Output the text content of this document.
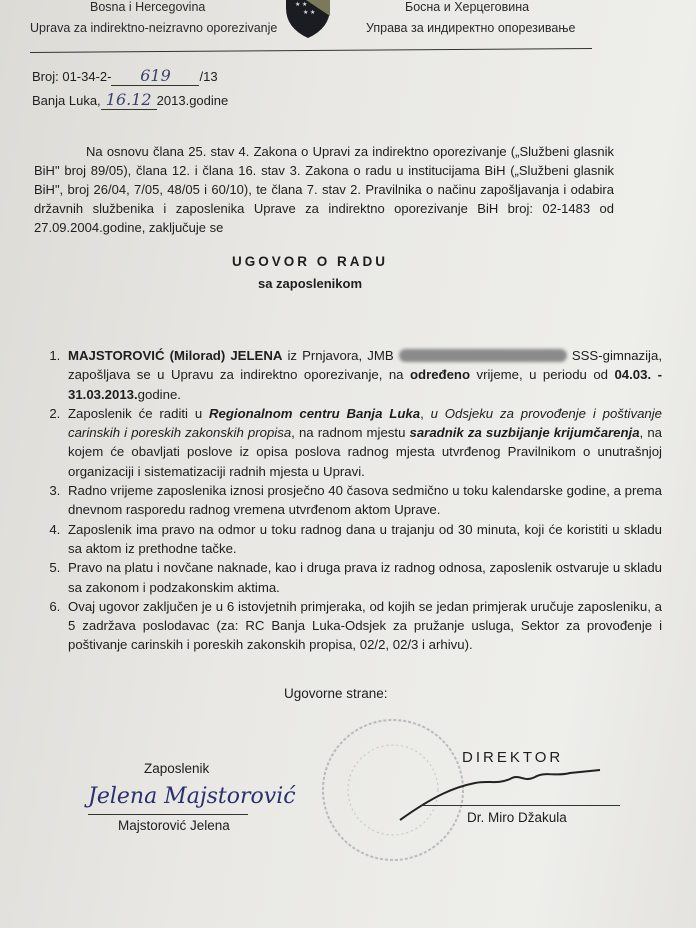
Bosna i Hercegovina
Uprava za indirektno-neizravno oporezivanje
Босна и Херцеговина
Управа за индиректно опорезивање
★ ★
★ ★
Broj: 01-34-2- 619 /13
Banja Luka, 16.12 2013.godine
Na osnovu člana 25. stav 4. Zakona o Upravi za indirektno oporezivanje („Službeni glasnik BiH" broj 89/05), člana 12. i člana 16. stav 3. Zakona o radu u institucijama BiH („Službeni glasnik BiH", broj 26/04, 7/05, 48/05 i 60/10), te člana 7. stav 2. Pravilnika o načinu zapošljavanja i odabira državnih službenika i zaposlenika Uprave za indirektno oporezivanje BiH broj: 02-1483 od 27.09.2004.godine, zaključuje se
UGOVOR O RADU
sa zaposlenikom
1. MAJSTOROVIĆ (Milorad) JELENA iz Prnjavora, JMB	SSS-gimnazija, zapošljava se u Upravu za indirektno oporezivanje, na određeno vrijeme, u periodu od 04.03. - 31.03.2013.godine.
2. Zaposlenik će raditi u Regionalnom centru Banja Luka, u Odsjeku za provođenje i poštivanje carinskih i poreskih zakonskih propisa, na radnom mjestu saradnik za suzbijanje krijumčarenja, na kojem će obavljati poslove iz opisa poslova radnog mjesta utvrđenog Pravilnikom o unutrašnjoj organizaciji i sistematizaciji radnih mjesta u Upravi.
3. Radno vrijeme zaposlenika iznosi prosječno 40 časova sedmično u toku kalendarske godine, a prema dnevnom rasporedu radnog vremena utvrđenom aktom Uprave.
4. Zaposlenik ima pravo na odmor u toku radnog dana u trajanju od 30 minuta, koji će koristiti u skladu sa aktom iz prethodne tačke.
5. Pravo na platu i novčane naknade, kao i druga prava iz radnog odnosa, zaposlenik ostvaruje u skladu sa zakonom i podzakonskim aktima.
6. Ovaj ugovor zaključen je u 6 istovjetnih primjeraka, od kojih se jedan primjerak uručuje zaposleniku, a 5 zadržava poslodavac (za: RC Banja Luka-Odsjek za pružanje usluga, Sektor za provođenje i poštivanje carinskih i poreskih zakonskih propisa, 02/2, 02/3 i arhivu).
Ugovorne strane:
Zaposlenik
Jelena Majstorović
Majstorović Jelena
DIREKTOR
Dr. Miro Džakula
